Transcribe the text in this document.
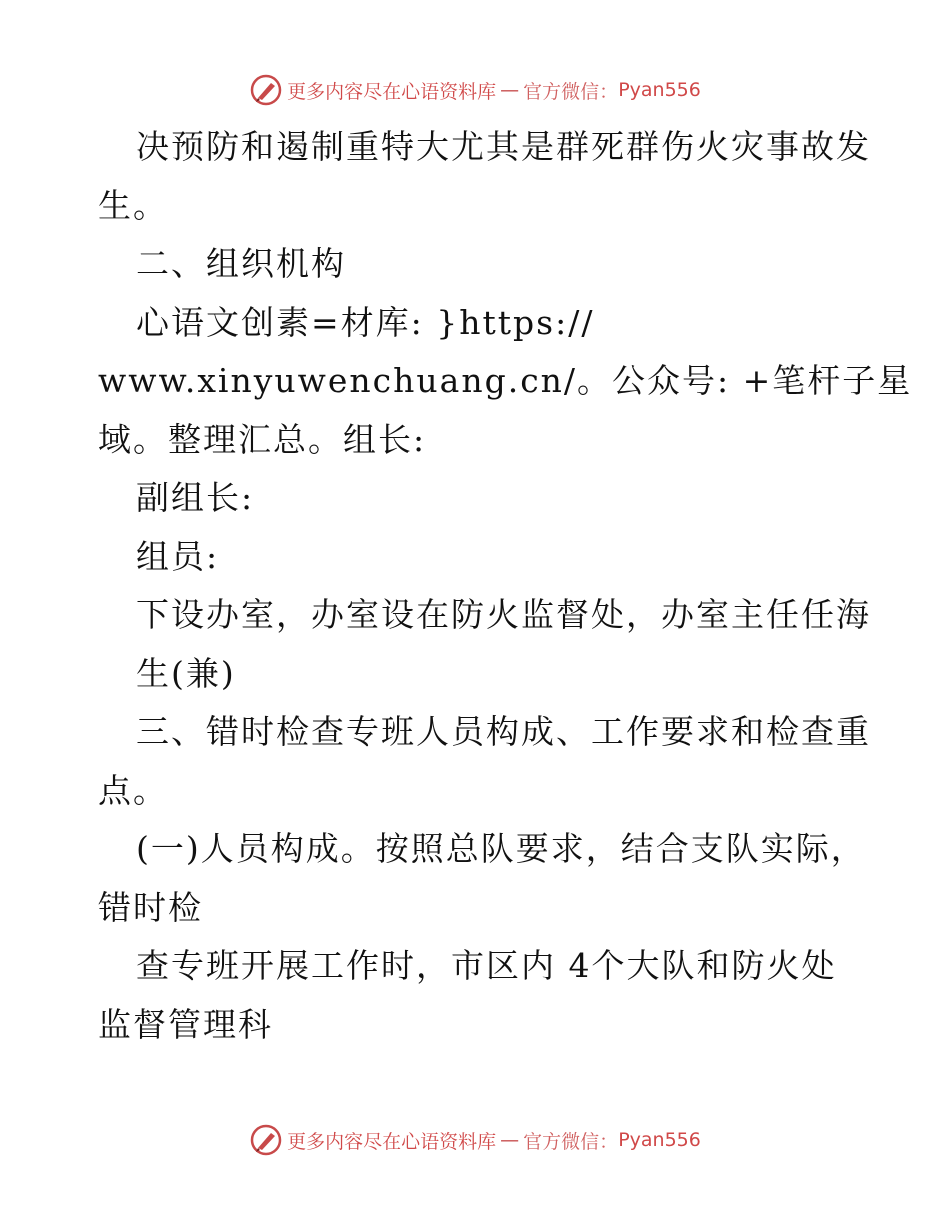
更多内容尽在心语资料库 — 官方微信： Pyan556
决预防和遏制重特大尤其是群死群伤火灾事故发
生。
二、组织机构
心语文创素=材库: }https://
www.xinyuwenchuang.cn/。公众号: +笔杆子星
域。整理汇总。组长:
副组长:
组员:
下设办室，办室设在防火监督处，办室主任任海
生(兼)
三、错时检查专班人员构成、工作要求和检查重
点。
(一)人员构成。按照总队要求，结合支队实际，
错时检
查专班开展工作时，市区内 4个大队和防火处
监督管理科
更多内容尽在心语资料库 — 官方微信： Pyan556
